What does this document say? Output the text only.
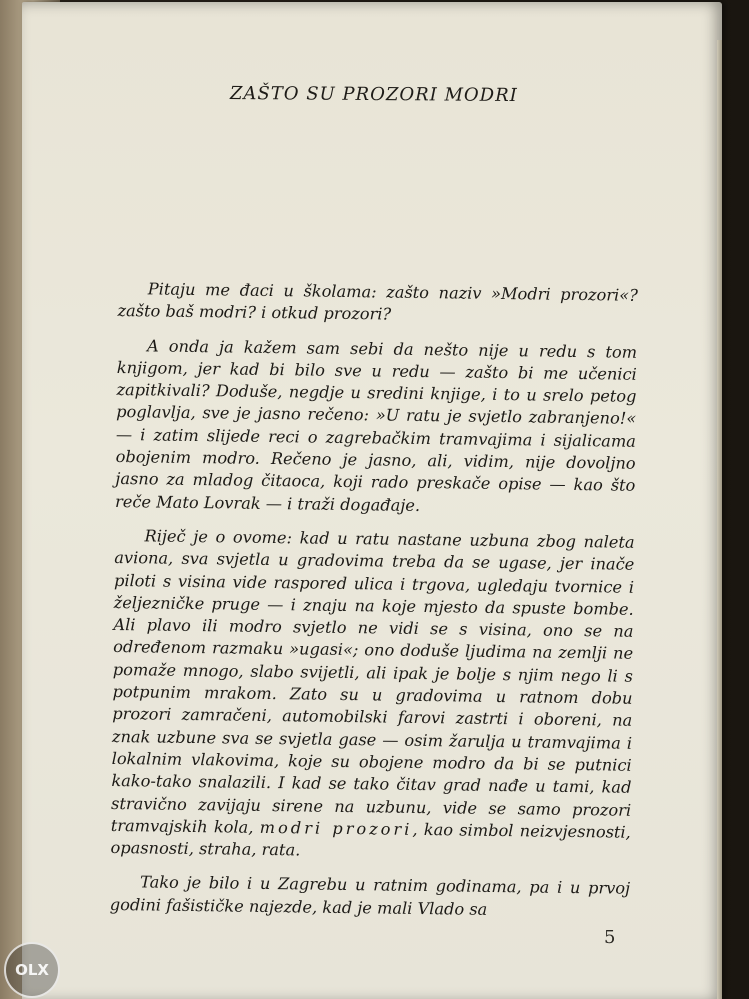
ZAŠTO SU PROZORI MODRI

Pitaju me đaci u školama: zašto naziv »Modri prozori«? zašto baš modri? i otkud prozori?

A onda ja kažem sam sebi da nešto nije u redu s tom knjigom, jer kad bi bilo sve u redu — zašto bi me učenici zapitkivali? Doduše, negdje u sredini knjige, i to u srelo petog poglavlja, sve je jasno rečeno: »U ratu je svjetlo zabranjeno!« — i zatim slijede reci o zagrebačkim tramvajima i sijalicama obojenim modro. Rečeno je jasno, ali, vidim, nije dovoljno jasno za mladog čitaoca, koji rado preskače opise — kao što reče Mato Lovrak — i traži događaje.

Riječ je o ovome: kad u ratu nastane uzbuna zbog naleta aviona, sva svjetla u gradovima treba da se ugase, jer inače piloti s visina vide raspored ulica i trgova, ugledaju tvornice i željezničke pruge — i znaju na koje mjesto da spuste bombe. Ali plavo ili modro svjetlo ne vidi se s visina, ono se na određenom razmaku »ugasi«; ono doduše ljudima na zemlji ne pomaže mnogo, slabo svijetli, ali ipak je bolje s njim nego li s potpunim mrakom. Zato su u gradovima u ratnom dobu prozori zamračeni, automobilski farovi zastrti i oboreni, na znak uzbune sva se svjetla gase — osim žarulja u tramvajima i lokalnim vlakovima, koje su obojene modro da bi se putnici kako-tako snalazili. I kad se tako čitav grad nađe u tami, kad stravično zavijaju sirene na uzbunu, vide se samo prozori tramvajskih kola, modri prozori, kao simbol neizvjesnosti, opasnosti, straha, rata.

Tako je bilo i u Zagrebu u ratnim godinama, pa i u prvoj godini fašističke najezde, kad je mali Vlado sa

5
OLX
